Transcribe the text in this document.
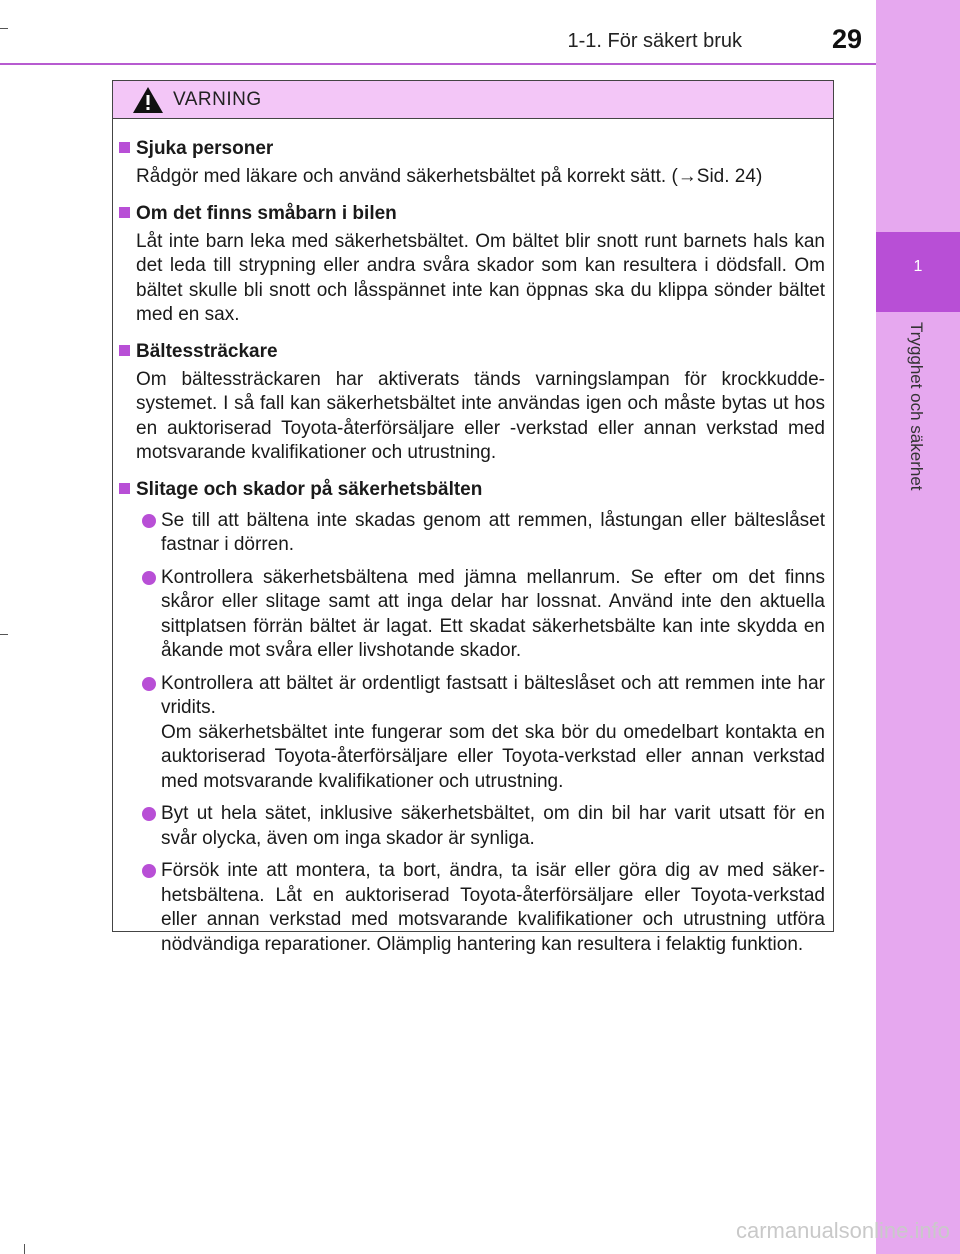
1-1. För säkert bruk	29
1
Trygghet och säkerhet
VARNING
Sjuka personer
Rådgör med läkare och använd säkerhetsbältet på korrekt sätt. (→Sid. 24)
Om det finns småbarn i bilen
Låt inte barn leka med säkerhetsbältet. Om bältet blir snott runt barnets hals kan det leda till strypning eller andra svåra skador som kan resultera i dödsfall. Om bältet skulle bli snott och låsspännet inte kan öppnas ska du klippa sönder bältet med en sax.
Bältessträckare
Om bältessträckaren har aktiverats tänds varningslampan för krockkudde-systemet. I så fall kan säkerhetsbältet inte användas igen och måste bytas ut hos en auktoriserad Toyota-återförsäljare eller -verkstad eller annan verkstad med motsvarande kvalifikationer och utrustning.
Slitage och skador på säkerhetsbälten
Se till att bältena inte skadas genom att remmen, låstungan eller bälteslåset fastnar i dörren.
Kontrollera säkerhetsbältena med jämna mellanrum. Se efter om det finns skåror eller slitage samt att inga delar har lossnat. Använd inte den aktuella sittplatsen förrän bältet är lagat. Ett skadat säkerhetsbälte kan inte skydda en åkande mot svåra eller livshotande skador.

Kontrollera att bältet är ordentligt fastsatt i bälteslåset och att remmen inte har vridits.

Om säkerhetsbältet inte fungerar som det ska bör du omedelbart kontakta en auktoriserad Toyota-återförsäljare eller Toyota-verkstad eller annan verkstad med motsvarande kvalifikationer och utrustning.

Byt ut hela sätet, inklusive säkerhetsbältet, om din bil har varit utsatt för en svår olycka, även om inga skador är synliga.
Försök inte att montera, ta bort, ändra, ta isär eller göra dig av med säker-hetsbältena. Låt en auktoriserad Toyota-återförsäljare eller Toyota-verkstad eller annan verkstad med motsvarande kvalifikationer och utrustning utföra nödvändiga reparationer. Olämplig hantering kan resultera i felaktig funktion.
carmanualsonline.info
